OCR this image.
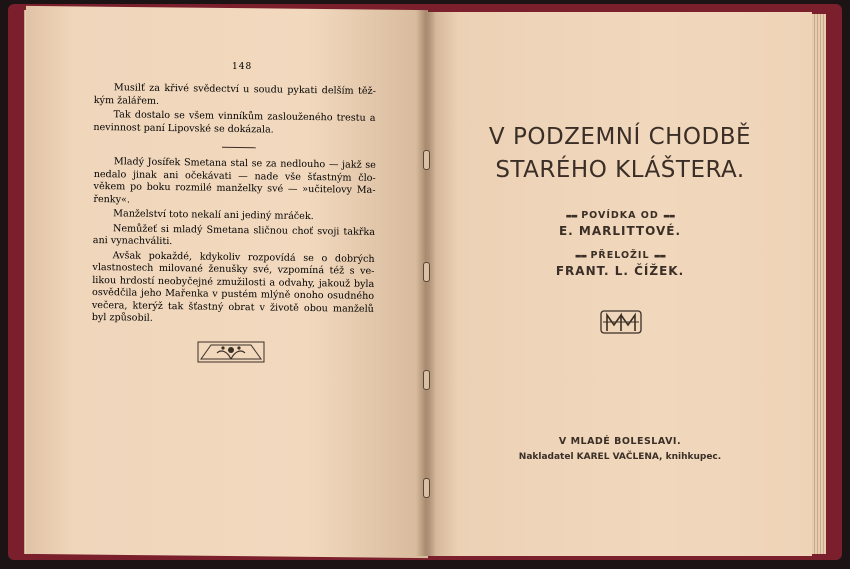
148

Musilť za křivé svědectví u soudu pykati delším těž-kým žalářem.

Tak dostalo se všem vinníkům zaslouženého trestu a nevinnost paní Lipovské se dokázala.

Mladý Josífek Smetana stal se za nedlouho — jakž se nedalo jinak ani očekávati — nade vše šťastným člo-věkem po boku rozmilé manželky své — »učitelovy Ma-řenky«.

Manželství toto nekalí ani jediný mráček.

Nemůžeť si mladý Smetana sličnou choť svoji takřka ani vynachváliti.

Avšak pokaždé, kdykoliv rozpovídá se o dobrých vlastnostech milované ženušky své, vzpomíná též s ve-likou hrdostí neobyčejné zmužilosti a odvahy, jakouž byla osvědčila jeho Mařenka v pustém mlýně onoho osudného večera, kterýž tak šťastný obrat v životě obou manželů byl způsobil.

V PODZEMNÍ CHODBĚ
STARÉHO KLÁŠTERA.
▬▬ POVÍDKA OD ▬▬
E. MARLITTOVÉ.
▬▬ PŘELOŽIL ▬▬
FRANT. L. ČÍŽEK.
V MLADÉ BOLESLAVI.
Nakladatel KAREL VAČLENA, knihkupec.
